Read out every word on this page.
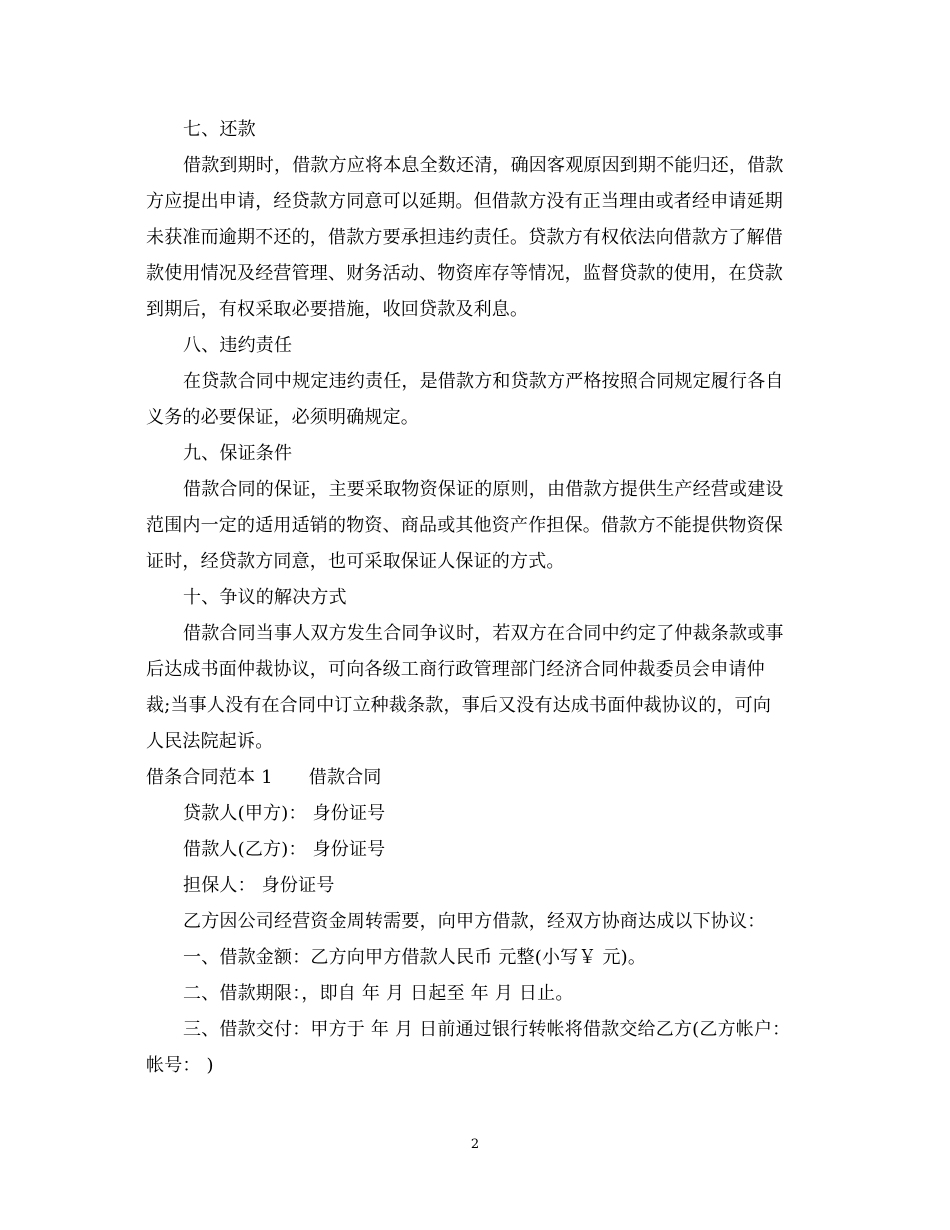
七、还款
借款到期时，借款方应将本息全数还清，确因客观原因到期不能归还，借款
方应提出申请，经贷款方同意可以延期。但借款方没有正当理由或者经申请延期
未获准而逾期不还的，借款方要承担违约责任。贷款方有权依法向借款方了解借
款使用情况及经营管理、财务活动、物资库存等情况，监督贷款的使用，在贷款
到期后，有权采取必要措施，收回贷款及利息。
八、违约责任
在贷款合同中规定违约责任，是借款方和贷款方严格按照合同规定履行各自
义务的必要保证，必须明确规定。
九、保证条件
借款合同的保证，主要采取物资保证的原则，由借款方提供生产经营或建设
范围内一定的适用适销的物资、商品或其他资产作担保。借款方不能提供物资保
证时，经贷款方同意，也可采取保证人保证的方式。
十、争议的解决方式
借款合同当事人双方发生合同争议时，若双方在合同中约定了仲裁条款或事
后达成书面仲裁协议，可向各级工商行政管理部门经济合同仲裁委员会申请仲
裁;当事人没有在合同中订立种裁条款，事后又没有达成书面仲裁协议的，可向
人民法院起诉。
借条合同范本 1 借款合同
贷款人(甲方)： 身份证号
借款人(乙方)： 身份证号
担保人： 身份证号
乙方因公司经营资金周转需要，向甲方借款，经双方协商达成以下协议：
一、借款金额：乙方向甲方借款人民币 元整(小写￥ 元)。
二、借款期限：，即自 年 月 日起至 年 月 日止。
三、借款交付：甲方于 年 月 日前通过银行转帐将借款交给乙方(乙方帐户：
帐号： )
2
